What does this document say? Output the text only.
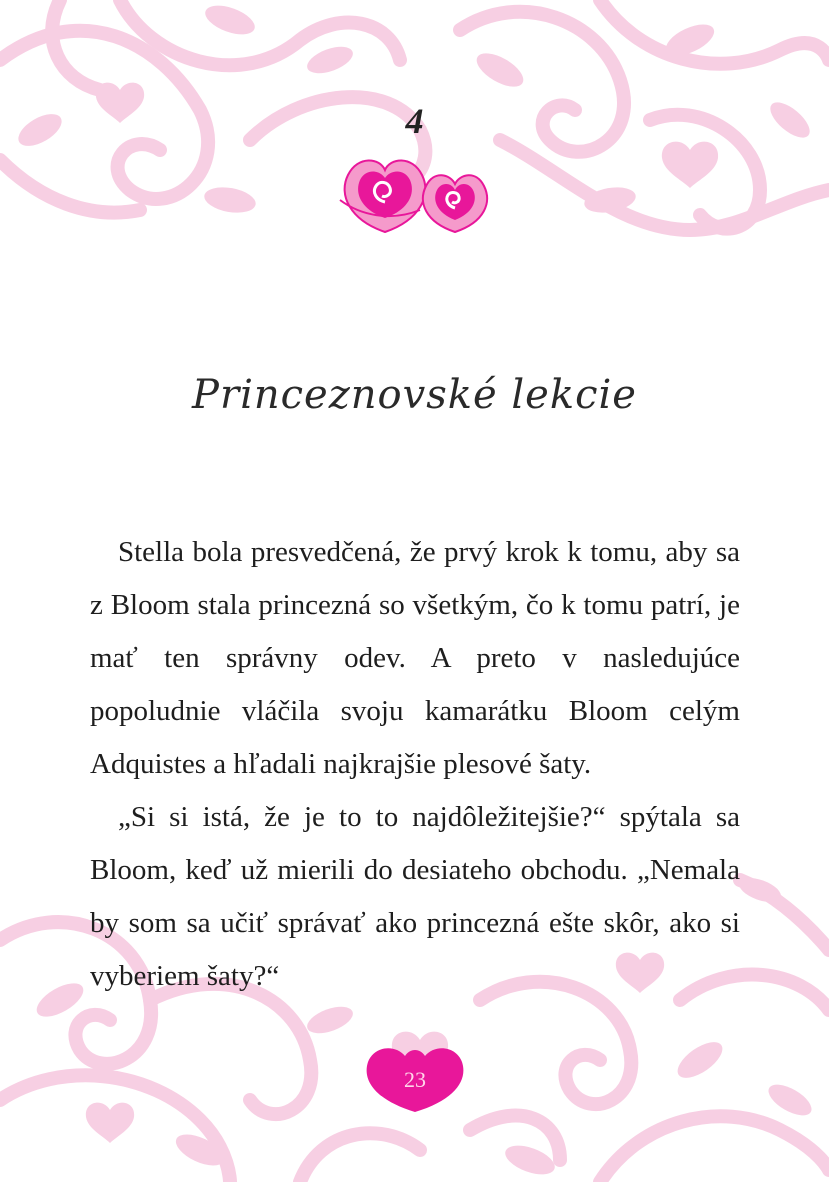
4
Princeznovské lekcie

Stella bola presvedčená, že prvý krok k tomu, aby sa z Bloom stala princezná so všetkým, čo k tomu patrí, je mať ten správny odev. A preto v nasledujúce popoludnie vláčila svoju kamarátku Bloom celým Adquistes a hľadali najkrajšie plesové šaty.

„Si si istá, že je to to najdôležitejšie?“ spýtala sa Bloom, keď už mierili do desiateho obchodu. „Nemala by som sa učiť správať ako princezná ešte skôr, ako si vyberiem šaty?“

23
